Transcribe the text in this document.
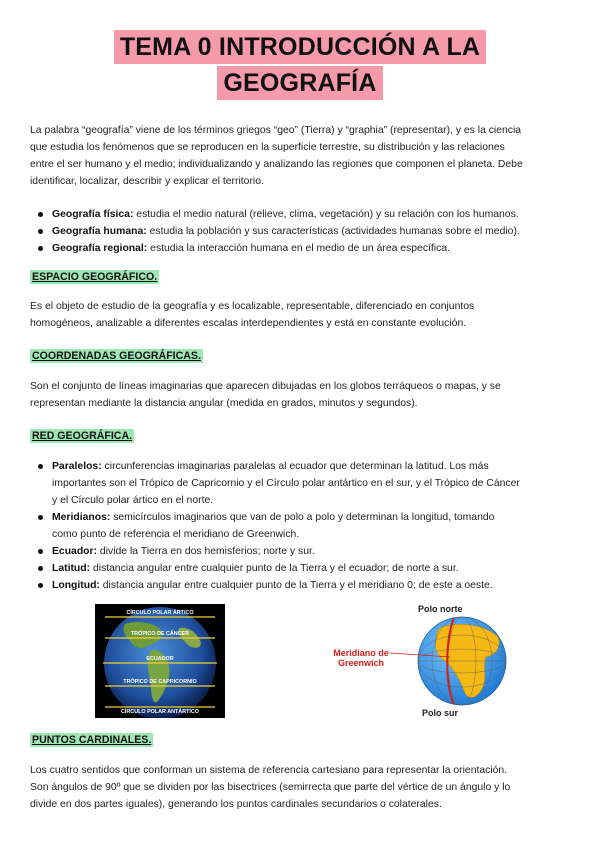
TEMA 0 INTRODUCCIÓN A LA
GEOGRAFÍA

La palabra “geografía” viene de los términos griegos “geo” (Tierra) y “graphia” (representar), y es la ciencia

que estudia los fenómenos que se reproducen en la superficie terrestre, su distribución y las relaciones

entre el ser humano y el medio; individualizando y analizando las regiones que componen el planeta. Debe

identificar, localizar, describir y explicar el territorio.

Geografía física: estudia el medio natural (relieve, clima, vegetación) y su relación con los humanos.
Geografía humana: estudia la población y sus características (actividades humanas sobre el medio).
Geografía regional: estudia la interacción humana en el medio de un área específica.
ESPACIO GEOGRÁFICO.

Es el objeto de estudio de la geografía y es localizable, representable, diferenciado en conjuntos

homogéneos, analizable a diferentes escalas interdependientes y está en constante evolución.

COORDENADAS GEOGRÁFICAS.

Son el conjunto de líneas imaginarias que aparecen dibujadas en los globos terráqueos o mapas, y se

representan mediante la distancia angular (medida en grados, minutos y segundos).

RED GEOGRÁFICA.
Paralelos: circunferencias imaginarias paralelas al ecuador que determinan la latitud. Los más
importantes son el Trópico de Capricornio y el Círculo polar antártico en el sur, y el Trópico de Cáncer
y el Círculo polar ártico en el norte.
Meridianos: semicírculos imaginarios que van de polo a polo y determinan la longitud, tomando
como punto de referencia el meridiano de Greenwich.
Ecuador: divide la Tierra en dos hemisferios; norte y sur.
Latitud: distancia angular entre cualquier punto de la Tierra y el ecuador; de norte a sur.
Longitud: distancia angular entre cualquier punto de la Tierra y el meridiano 0; de este a oeste.
CÍRCULO POLAR ÁRTICO
TRÓPICO DE CÁNCER
ECUADOR
TRÓPICO DE CAPRICORNIO
CÍRCULO POLAR ANTÁRTICO
Polo norte
Meridiano de
Greenwich
Polo sur
PUNTOS CARDINALES.

Los cuatro sentidos que conforman un sistema de referencia cartesiano para representar la orientación.

Son ángulos de 90º que se dividen por las bisectrices (semirrecta que parte del vértice de un ángulo y lo

divide en dos partes iguales), generando los puntos cardinales secundarios o colaterales.
